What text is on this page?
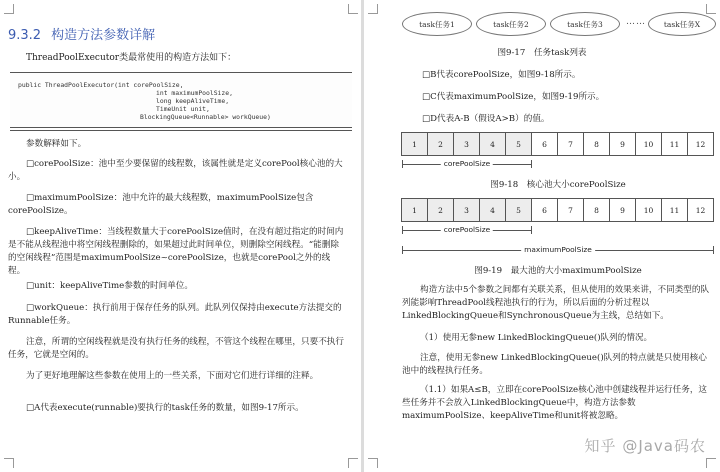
9.3.2 构造方法参数详解
ThreadPoolExecutor类最常使用的构造方法如下：
public ThreadPoolExecutor(int corePoolSize,
int maximumPoolSize,
long keepAliveTime,
TimeUnit unit,
BlockingQueue<Runnable> workQueue)
参数解释如下。
□corePoolSize：池中至少要保留的线程数，该属性就是定义corePool核心池的大小。
□maximumPoolSize：池中允许的最大线程数，maximumPoolSize包含corePoolSize。
□keepAliveTime：当线程数量大于corePoolSize值时，在没有超过指定的时间内是不能从线程池中将空闲线程删除的，如果超过此时间单位，则删除空闲线程。“能删除的空闲线程”范围是maximumPoolSize~corePoolSize，也就是corePool之外的线程。
□unit：keepAliveTime参数的时间单位。
□workQueue：执行前用于保存任务的队列。此队列仅保持由execute方法提交的Runnable任务。
注意，所谓的空闲线程就是没有执行任务的线程，不管这个线程在哪里，只要不执行任务，它就是空闲的。
为了更好地理解这些参数在使用上的一些关系，下面对它们进行详细的注释。
□A代表execute(runnable)要执行的task任务的数量，如图9-17所示。
task任务1	task任务2	task任务3	……	task任务X
图9-17　任务task列表
□B代表corePoolSize，如图9-18所示。
□C代表maximumPoolSize，如图9-19所示。
□D代表A-B（假设A>B）的值。
1	2	3	4	5	6	7	8	9	10	11	12
corePoolSize
图9-18　核心池大小corePoolSize
1	2	3	4	5	6	7	8	9	10	11	12
corePoolSize
maximumPoolSize
图9-19　最大池的大小maximumPoolSize
构造方法中5个参数之间都有关联关系，但从使用的效果来讲，不同类型的队列能影响ThreadPool线程池执行的行为，所以后面的分析过程以LinkedBlockingQueue和SynchronousQueue为主线，总结如下。
（1）使用无参new LinkedBlockingQueue()队列的情况。
注意，使用无参new LinkedBlockingQueue()队列的特点就是只使用核心池中的线程执行任务。
（1.1）如果A≤B，立即在corePoolSize核心池中创建线程并运行任务，这些任务并不会放入LinkedBlockingQueue中，构造方法参数maximumPoolSize、keepAliveTime和unit将被忽略。
知乎 @Java码农
